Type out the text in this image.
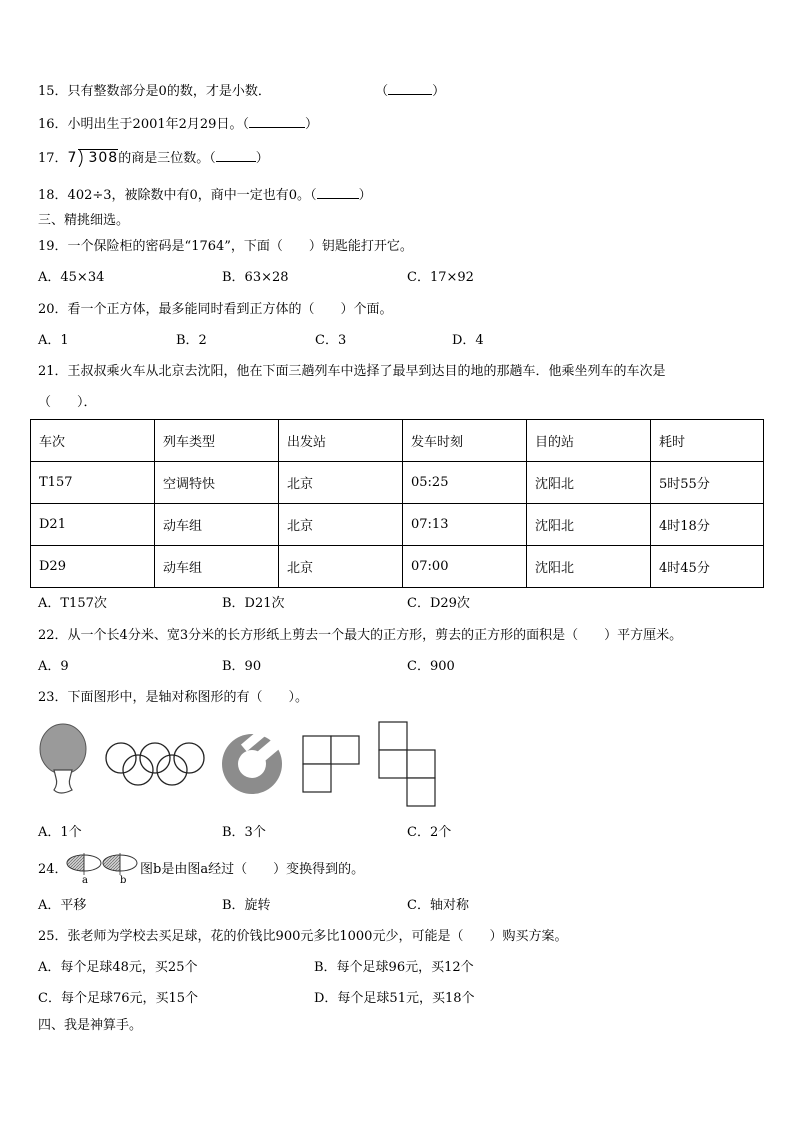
15．只有整数部分是0的数，才是小数．	（	）
16．小明出生于2001年2月29日。（	）
17．7 308的商是三位数。（	）
18．402÷3，被除数中有0，商中一定也有0。（	）
三、精挑细选。
19．一个保险柜的密码是“1764”，下面（　　）钥匙能打开它。
A．45×34	B．63×28	C．17×92
20．看一个正方体，最多能同时看到正方体的（　　）个面。
A．1	B．2	C．3	D．4
21．王叔叔乘火车从北京去沈阳，他在下面三趟列车中选择了最早到达目的地的那趟车．他乘坐列车的车次是
（　　）．
车次	列车类型	出发站	发车时刻	目的站	耗时
T157	空调特快	北京	05:25	沈阳北	5时55分
D21	动车组	北京	07:13	沈阳北	4时18分
D29	动车组	北京	07:00	沈阳北	4时45分
A．T157次	B．D21次	C．D29次
22．从一个长4分米、宽3分米的长方形纸上剪去一个最大的正方形，剪去的正方形的面积是（　　）平方厘米。
A．9	B．90	C．900
23．下面图形中，是轴对称图形的有（　　）。
A．1个	B．3个	C．2个
24．
a	b
图b是由图a经过（　　）变换得到的。
A．平移	B．旋转	C．轴对称
25．张老师为学校去买足球，花的价钱比900元多比1000元少，可能是（　　）购买方案。
A．每个足球48元，买25个	B．每个足球96元，买12个
C．每个足球76元，买15个	D．每个足球51元，买18个
四、我是神算手。
